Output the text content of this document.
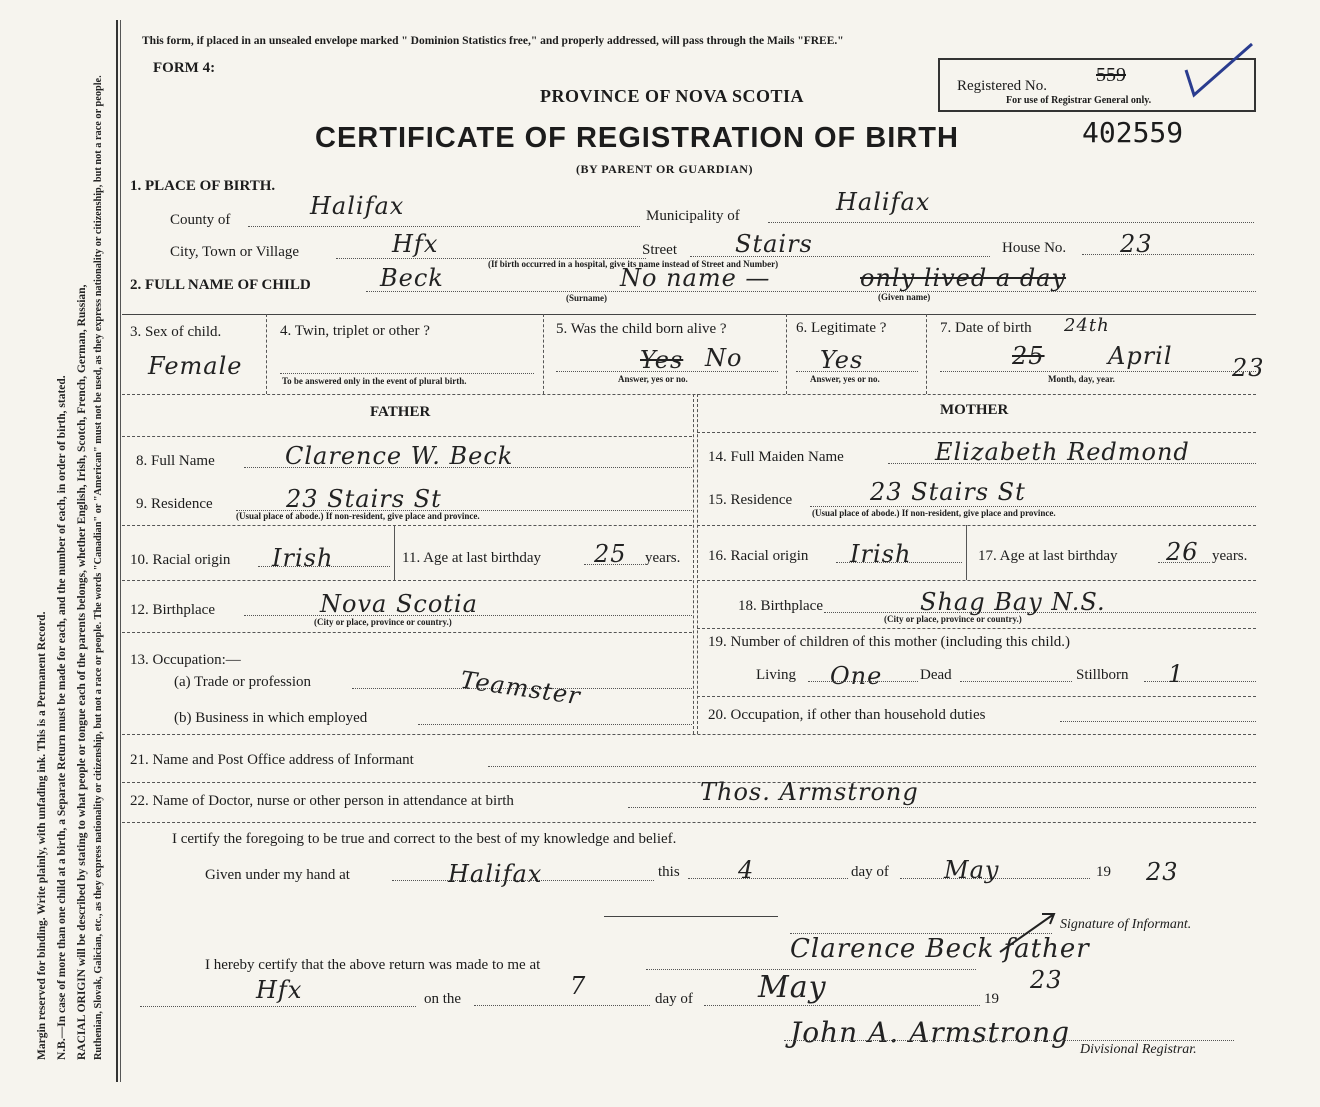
Margin reserved for binding. Write plainly, with unfading ink. This is a Permanent Record. N.B.—In case of more than one child at a birth, a Separate Return must be made for each, and the number of each, in order of birth, stated. RACIAL ORIGIN will be described by stating to what people or tongue each of the parents belongs, whether English, Irish, Scotch, French, German, Russian, Ruthenian, Slovak, Galician, etc., as they express nationality or citizenship, but not a race or people. The words "Canadian" or "American" must not be used, as they express nationality or citizenship, but not a race or people.
This form, if placed in an unsealed envelope marked " Dominion Statistics free," and properly addressed, will pass through the Mails "FREE."
FORM 4:
PROVINCE OF NOVA SCOTIA
CERTIFICATE OF REGISTRATION OF BIRTH	402559
(BY PARENT OR GUARDIAN)
Registered No. 559
For use of Registrar General only.
1. PLACE OF BIRTH.
County of	Halifax	Municipality of	Halifax
City, Town or Village	Hfx	Street Stairs	House No. 23
(If birth occurred in a hospital, give its name instead of Street and Number)
2. FULL NAME OF CHILD	Beck	No name —	only lived a day
(Surname)	(Given name)
3. Sex of child.
Female
4. Twin, triplet or other ?
To be answered only in the event of plural birth.
5. Was the child born alive ?
Yes No
Answer, yes or no.
6. Legitimate ?
Yes
Answer, yes or no.
7. Date of birth 24th
25	April 23
Month, day, year.
FATHER	MOTHER
8. Full Name	Clarence W. Beck
9. Residence	23 Stairs St
(Usual place of abode.) If non-resident, give place and province.
10. Racial origin Irish	11. Age at last birthday 25 years.
12. Birthplace	Nova Scotia
(City or place, province or country.)
13. Occupation:—
(a) Trade or profession	Teamster
(b) Business in which employed
14. Full Maiden Name	Elizabeth Redmond
15. Residence	23 Stairs St
(Usual place of abode.) If non-resident, give place and province.
16. Racial origin Irish	17. Age at last birthday 26 years.
18. Birthplace	Shag Bay N.S.
(City or place, province or country.)
19. Number of children of this mother (including this child.)
Living One	Dead	Stillborn 1
20. Occupation, if other than household duties
21. Name and Post Office address of Informant
22. Name of Doctor, nurse or other person in attendance at birth	Thos. Armstrong
I certify the foregoing to be true and correct to the best of my knowledge and belief.
Given under my hand at	Halifax	this 4	day of May	19 23
Signature of Informant.
Clarence Beck father
I hereby certify that the above return was made to me at
Hfx	on the	7	day of May	19
23
John A. Armstrong
Divisional Registrar.
